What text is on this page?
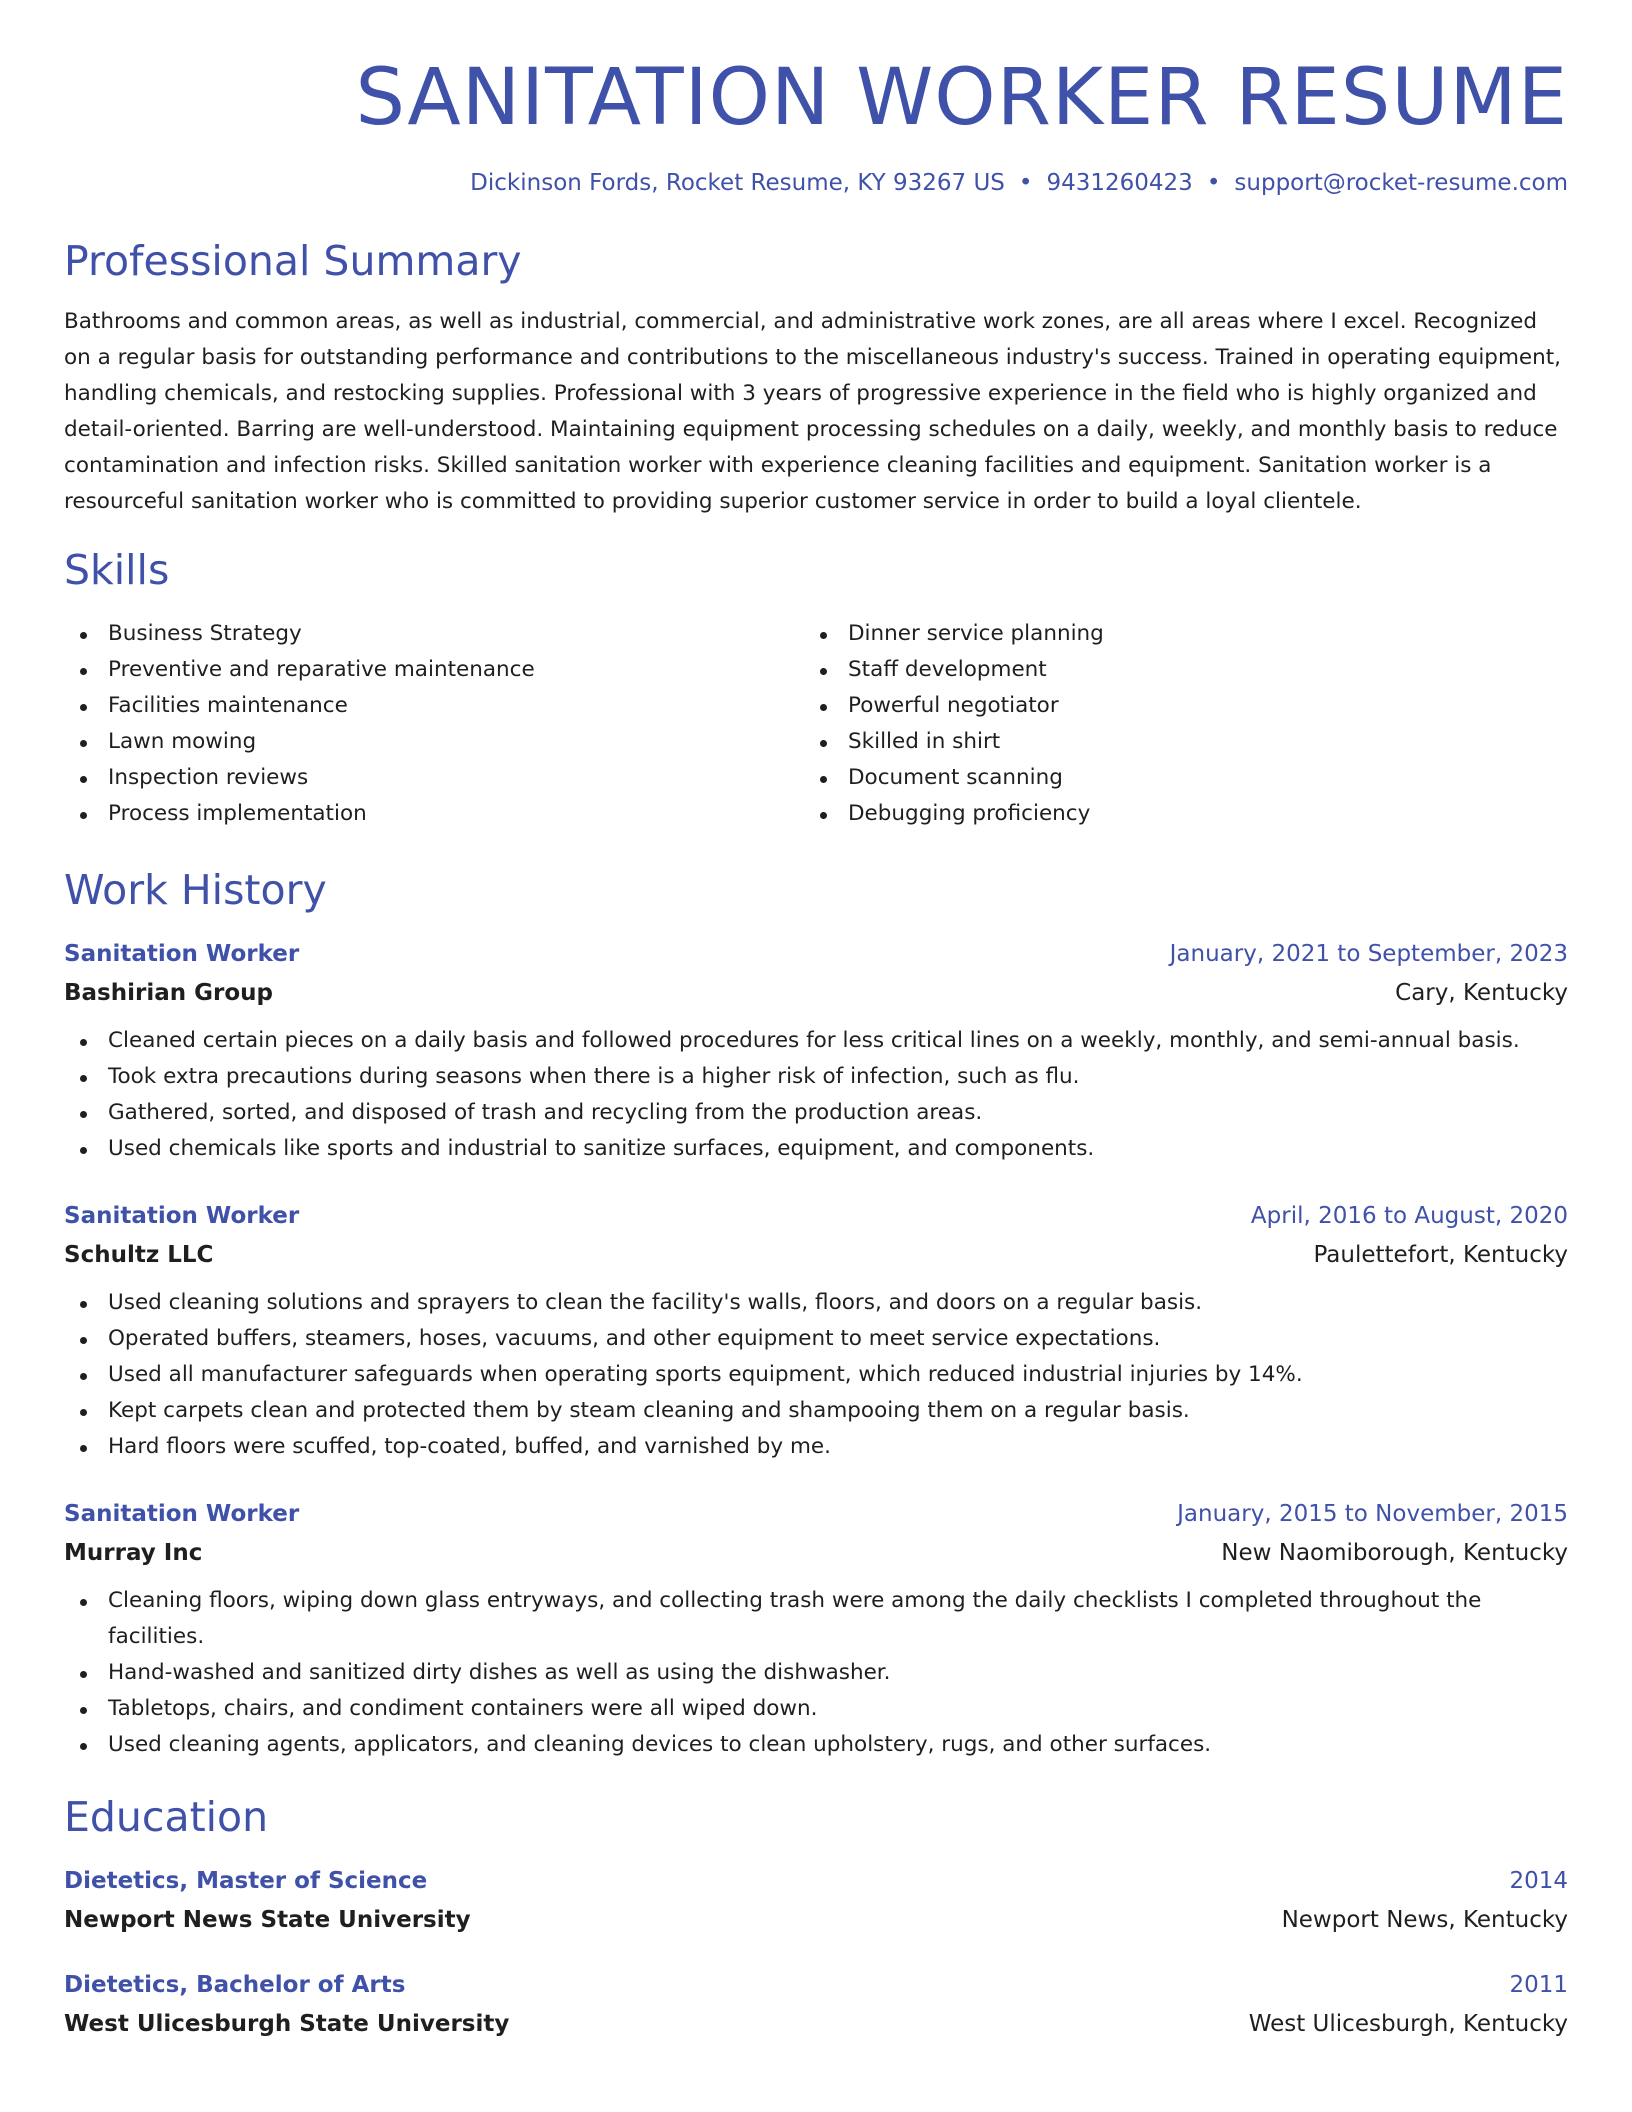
SANITATION WORKER RESUME
Dickinson Fords, Rocket Resume, KY 93267 US • 9431260423 • support@rocket-resume.com
Professional Summary

Bathrooms and common areas, as well as industrial, commercial, and administrative work zones, are all areas where I excel. Recognized on a regular basis for outstanding performance and contributions to the miscellaneous industry's success. Trained in operating equipment, handling chemicals, and restocking supplies. Professional with 3 years of progressive experience in the field who is highly organized and detail-oriented. Barring are well-understood. Maintaining equipment processing schedules on a daily, weekly, and monthly basis to reduce contamination and infection risks. Skilled sanitation worker with experience cleaning facilities and equipment. Sanitation worker is a resourceful sanitation worker who is committed to providing superior customer service in order to build a loyal clientele.

Skills
Business Strategy
Preventive and reparative maintenance
Facilities maintenance
Lawn mowing
Inspection reviews
Process implementation
Dinner service planning
Staff development
Powerful negotiator
Skilled in shirt
Document scanning
Debugging proficiency
Work History
Sanitation Worker	January, 2021 to September, 2023
Bashirian Group	Cary, Kentucky
Cleaned certain pieces on a daily basis and followed procedures for less critical lines on a weekly, monthly, and semi-annual basis.
Took extra precautions during seasons when there is a higher risk of infection, such as flu.
Gathered, sorted, and disposed of trash and recycling from the production areas.
Used chemicals like sports and industrial to sanitize surfaces, equipment, and components.
Sanitation Worker	April, 2016 to August, 2020
Schultz LLC	Paulettefort, Kentucky
Used cleaning solutions and sprayers to clean the facility's walls, floors, and doors on a regular basis.
Operated buffers, steamers, hoses, vacuums, and other equipment to meet service expectations.
Used all manufacturer safeguards when operating sports equipment, which reduced industrial injuries by 14%.
Kept carpets clean and protected them by steam cleaning and shampooing them on a regular basis.
Hard floors were scuffed, top-coated, buffed, and varnished by me.
Sanitation Worker	January, 2015 to November, 2015
Murray Inc	New Naomiborough, Kentucky
Cleaning floors, wiping down glass entryways, and collecting trash were among the daily checklists I completed throughout the facilities.
Hand-washed and sanitized dirty dishes as well as using the dishwasher.
Tabletops, chairs, and condiment containers were all wiped down.
Used cleaning agents, applicators, and cleaning devices to clean upholstery, rugs, and other surfaces.
Education
Dietetics, Master of Science	2014
Newport News State University	Newport News, Kentucky
Dietetics, Bachelor of Arts	2011
West Ulicesburgh State University	West Ulicesburgh, Kentucky
